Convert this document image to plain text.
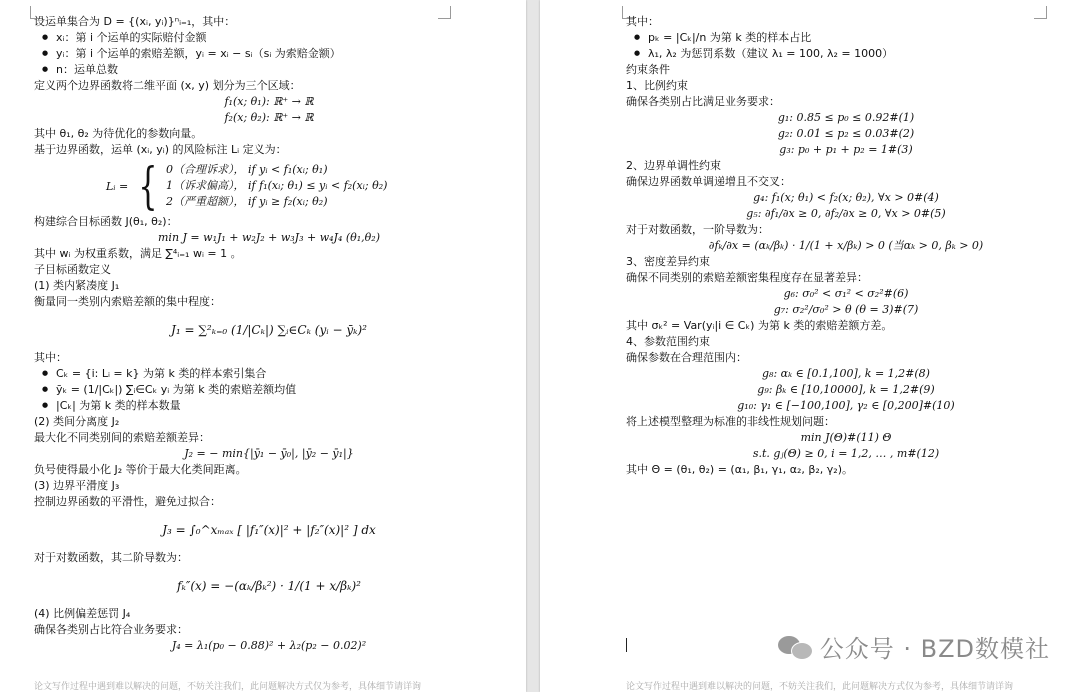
设运单集合为 D = {(xᵢ, yᵢ)}ⁿᵢ₌₁，其中：
● xᵢ：第 i 个运单的实际赔付金额
● yᵢ：第 i 个运单的索赔差额，yᵢ = xᵢ − sᵢ（sᵢ 为索赔金额）
● n：运单总数
定义两个边界函数将二维平面 (x, y) 划分为三个区域：
f₁(x; θ₁): ℝ⁺ → ℝ
f₂(x; θ₂): ℝ⁺ → ℝ
其中 θ₁, θ₂ 为待优化的参数向量。
基于边界函数，运单 (xᵢ, yᵢ) 的风险标注 Lᵢ 定义为：
Lᵢ = { 0（合理诉求）， if yᵢ < f₁(xᵢ; θ₁)
1（诉求偏高）， if f₁(xᵢ; θ₁) ≤ yᵢ < f₂(xᵢ; θ₂)
2（严重超额）， if yᵢ ≥ f₂(xᵢ; θ₂)
构建综合目标函数 J(θ₁, θ₂)：
min J = w₁J₁ + w₂J₂ + w₃J₃ + w₄J₄ (θ₁,θ₂)
其中 wᵢ 为权重系数，满足 ∑⁴ᵢ₌₁ wᵢ = 1 。
子目标函数定义
(1) 类内紧凑度 J₁
衡量同一类别内索赔差额的集中程度：
J₁ = ∑²ₖ₌₀ (1/|Cₖ|) ∑ᵢ∈Cₖ (yᵢ − ȳₖ)²
其中：
● Cₖ = {i: Lᵢ = k} 为第 k 类的样本索引集合
● ȳₖ = (1/|Cₖ|) ∑ᵢ∈Cₖ yᵢ 为第 k 类的索赔差额均值
● |Cₖ| 为第 k 类的样本数量
(2) 类间分离度 J₂
最大化不同类别间的索赔差额差异：
J₂ = − min{|ȳ₁ − ȳ₀|, |ȳ₂ − ȳ₁|}
负号使得最小化 J₂ 等价于最大化类间距离。
(3) 边界平滑度 J₃
控制边界函数的平滑性，避免过拟合：
J₃ = ∫₀^xₘₐₓ [ |f₁″(x)|² + |f₂″(x)|² ] dx
对于对数函数，其二阶导数为：
fₖ″(x) = −(αₖ/βₖ²) · 1/(1 + x/βₖ)²
(4) 比例偏差惩罚 J₄
确保各类别占比符合业务要求：
J₄ = λ₁(p₀ − 0.88)² + λ₂(p₂ − 0.02)²
论文写作过程中遇到难以解决的问题，不妨关注我们，此问题解决方式仅为参考，具体细节请详询
其中：
● pₖ = |Cₖ|/n 为第 k 类的样本占比
● λ₁, λ₂ 为惩罚系数（建议 λ₁ = 100, λ₂ = 1000）
约束条件
1、比例约束
确保各类别占比满足业务要求：
g₁: 0.85 ≤ p₀ ≤ 0.92#(1)
g₂: 0.01 ≤ p₂ ≤ 0.03#(2)
g₃: p₀ + p₁ + p₂ = 1#(3)
2、边界单调性约束
确保边界函数单调递增且不交叉：
g₄: f₁(x; θ₁) < f₂(x; θ₂), ∀x > 0#(4)
g₅: ∂f₁/∂x ≥ 0, ∂f₂/∂x ≥ 0, ∀x > 0#(5)
对于对数函数，一阶导数为：
∂fₖ/∂x = (αₖ/βₖ) · 1/(1 + x/βₖ) > 0 (当αₖ > 0, βₖ > 0)
3、密度差异约束
确保不同类别的索赔差额密集程度存在显著差异：
g₆: σ₀² < σ₁² < σ₂²#(6)
g₇: σ₂²/σ₀² > θ (θ = 3)#(7)
其中 σₖ² = Var(yᵢ|i ∈ Cₖ) 为第 k 类的索赔差额方差。
4、参数范围约束
确保参数在合理范围内：
g₈: αₖ ∈ [0.1,100], k = 1,2#(8)
g₉: βₖ ∈ [10,10000], k = 1,2#(9)
g₁₀: γ₁ ∈ [−100,100], γ₂ ∈ [0,200]#(10)
将上述模型整理为标准的非线性规划问题：
min J(Θ)#(11) Θ
s.t. gⱼ(Θ) ≥ 0, i = 1,2, … , m#(12)
其中 Θ = (θ₁, θ₂) = (α₁, β₁, γ₁, α₂, β₂, γ₂)。
论文写作过程中遇到难以解决的问题，不妨关注我们，此问题解决方式仅为参考，具体细节请详询
公众号 · BZD数模社
